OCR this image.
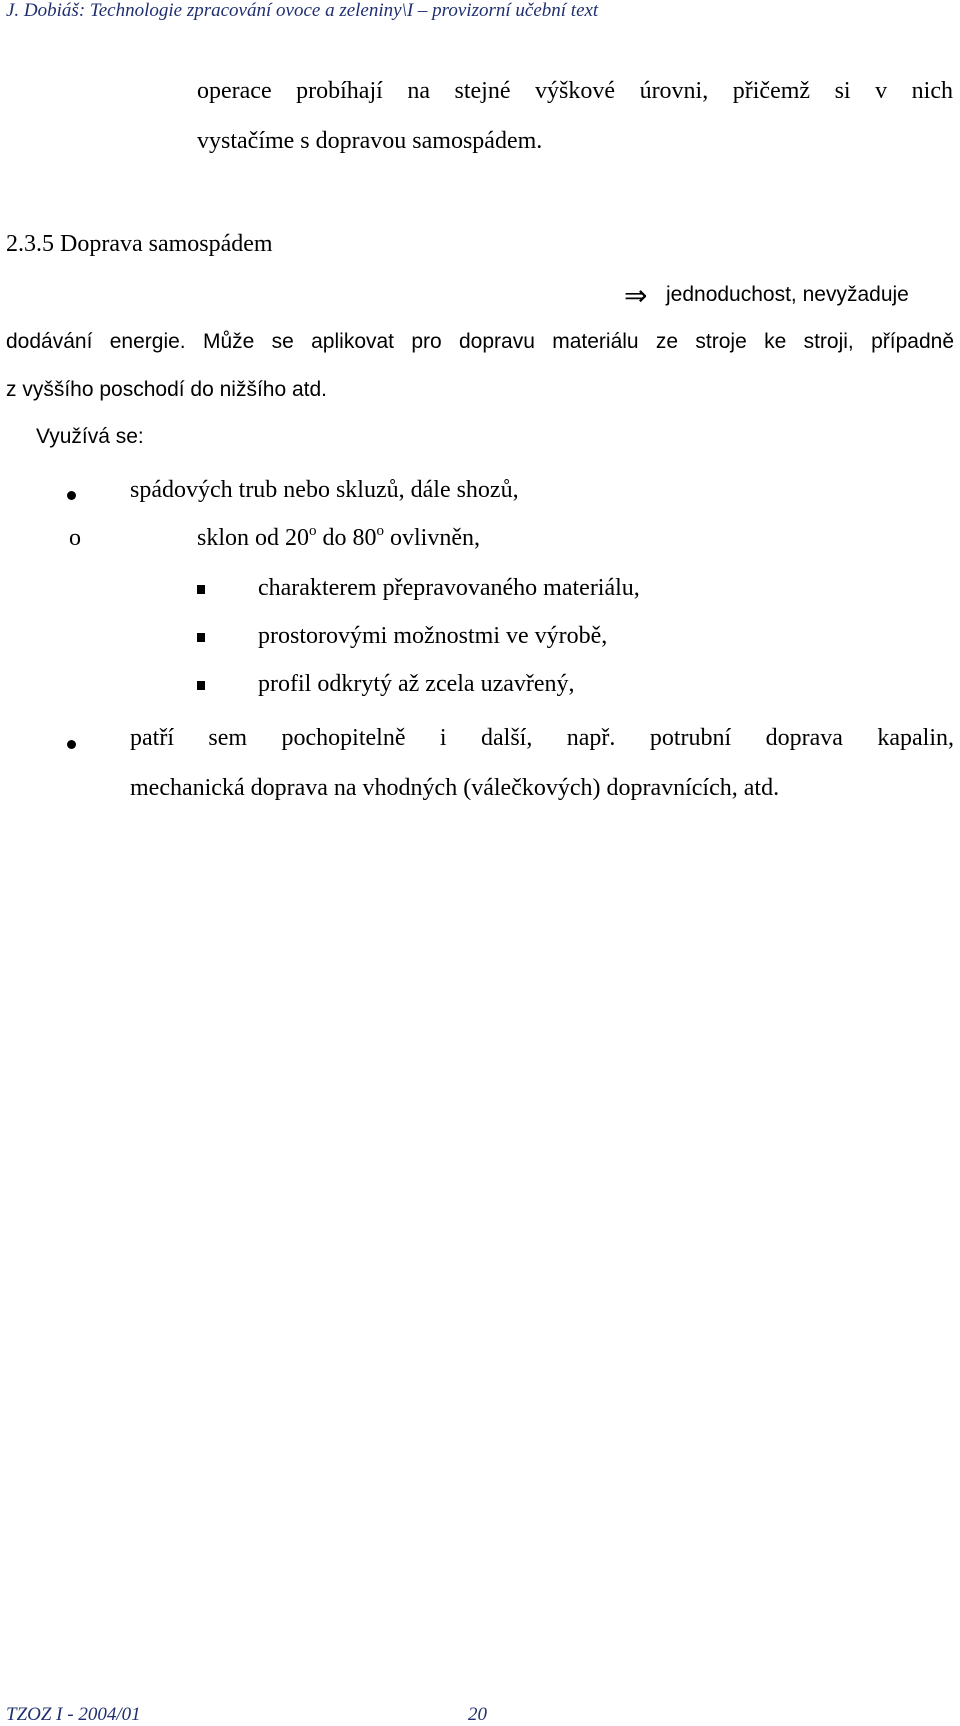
J. Dobiáš: Technologie zpracování ovoce a zeleniny\I – provizorní učební text
operace probíhají na stejné výškové úrovni, přičemž si v nich
vystačíme s dopravou samospádem.
2.3.5 Doprava samospádem
⇒ jednoduchost, nevyžaduje
dodávání energie. Může se aplikovat pro dopravu materiálu ze stroje ke stroji, případně
z vyššího poschodí do nižšího atd.
Využívá se:
spádových trub nebo skluzů, dále shozů,
o	sklon od 20$^o$ do 80$^o$ ovlivněn,
charakterem přepravovaného materiálu,
prostorovými možnostmi ve výrobě,
profil odkrytý až zcela uzavřený,
patří sem pochopitelně i další, např. potrubní doprava kapalin,
mechanická doprava na vhodných (válečkových) dopravnících, atd.
TZOZ I - 2004/01	20
